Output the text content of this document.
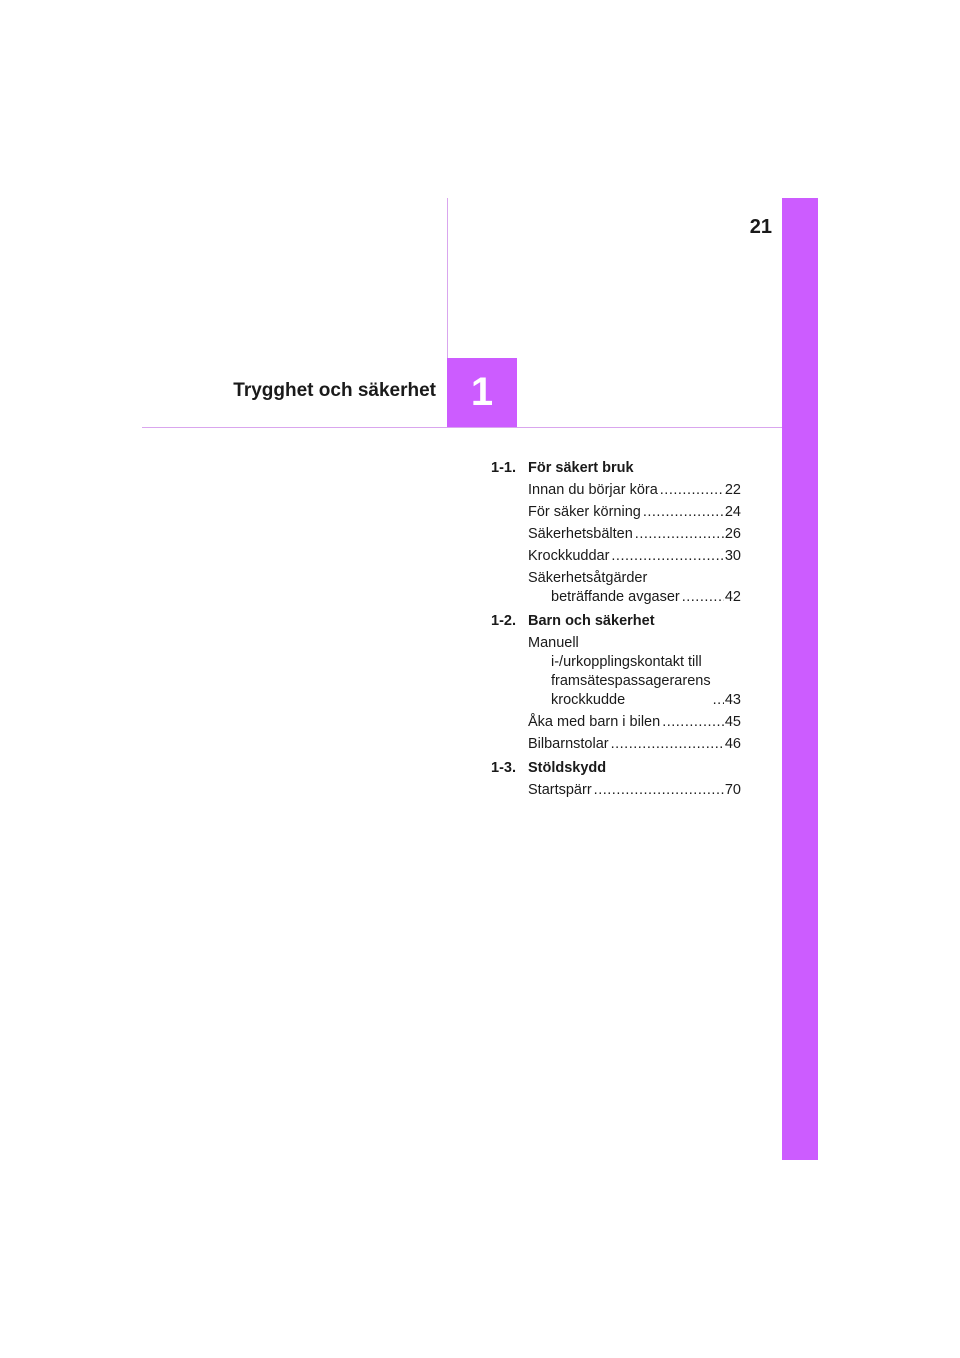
21
1
Trygghet och säkerhet
1-1. För säkert bruk
Innan du börjar köra .....	22
För säker körning .....	24
Säkerhetsbälten .....	26
Krockkuddar .....	30
Säkerhetsåtgärder
beträffande avgaser .....	42
1-2. Barn och säkerhet
Manuell
i-/urkopplingskontakt till
framsätespassagerarens
krockkudde .....	43
Åka med barn i bilen .....	45
Bilbarnstolar .....	46
1-3. Stöldskydd
Startspärr .....	70
